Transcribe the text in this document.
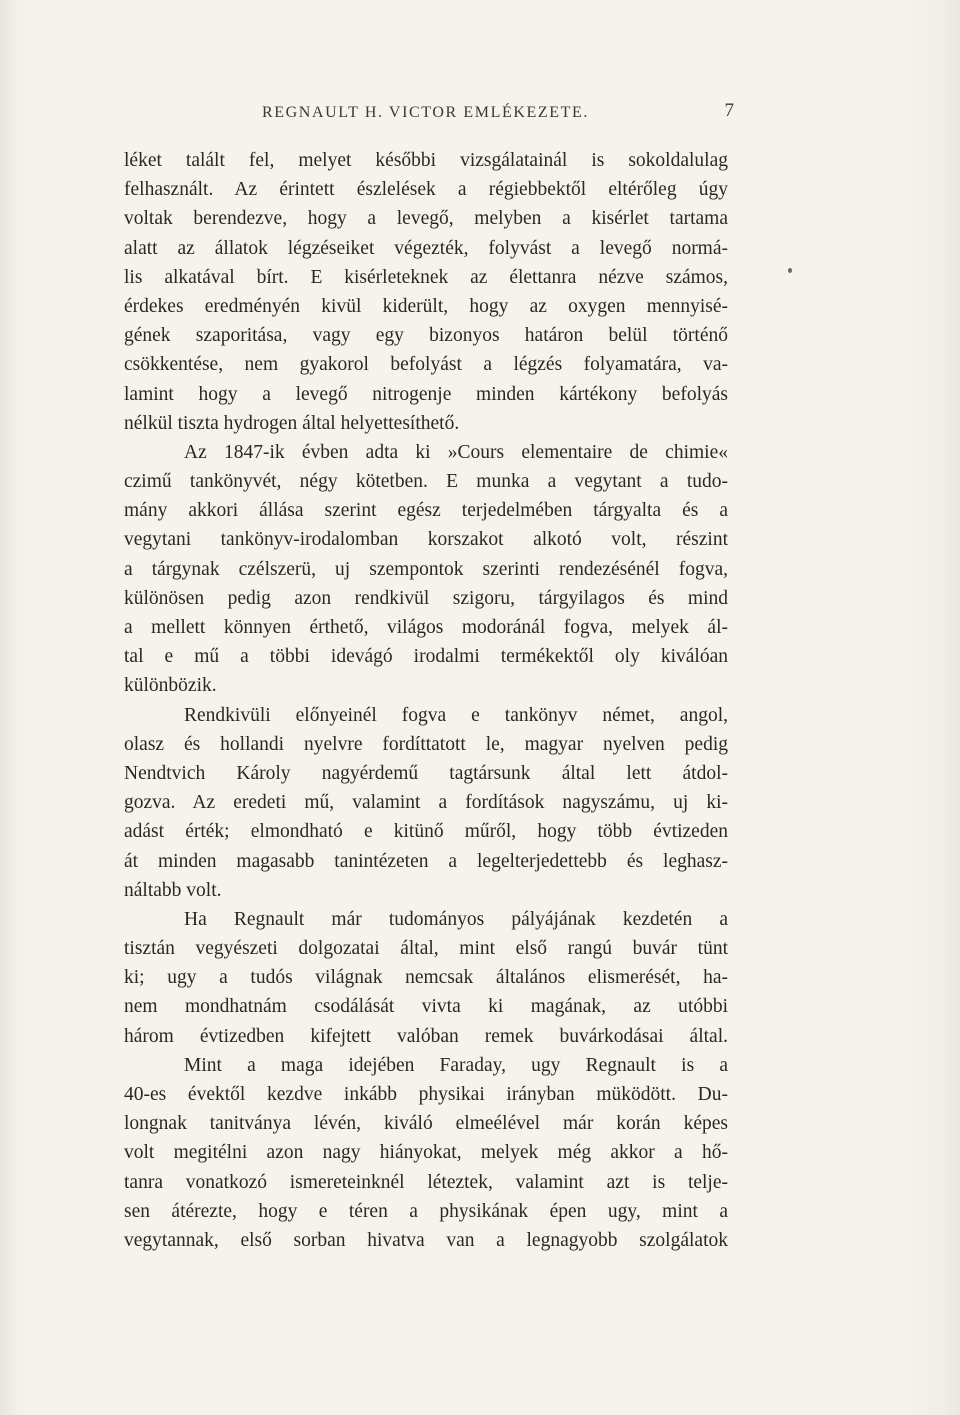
REGNAULT H. VICTOR EMLÉKEZETE.	7
léket talált fel, melyet későbbi vizsgálatainál is sokoldalulag
felhasznált. Az érintett észlelések a régiebbektől eltérőleg úgy
voltak berendezve, hogy a levegő, melyben a kisérlet tartama
alatt az állatok légzéseiket végezték, folyvást a levegő normá-
lis alkatával bírt. E kisérleteknek az élettanra nézve számos,
érdekes eredményén kivül kiderült, hogy az oxygen mennyisé-
gének szaporitása, vagy egy bizonyos határon belül történő
csökkentése, nem gyakorol befolyást a légzés folyamatára, va-
lamint hogy a levegő nitrogenje minden kártékony befolyás
nélkül tiszta hydrogen által helyettesíthető.
Az 1847-ik évben adta ki »Cours elementaire de chimie«
czimű tankönyvét, négy kötetben. E munka a vegytant a tudo-
mány akkori állása szerint egész terjedelmében tárgyalta és a
vegytani tankönyv-irodalomban korszakot alkotó volt, részint
a tárgynak czélszerü, uj szempontok szerinti rendezésénél fogva,
különösen pedig azon rendkivül szigoru, tárgyilagos és mind
a mellett könnyen érthető, világos modoránál fogva, melyek ál-
tal e mű a többi idevágó irodalmi termékektől oly kiválóan
különbözik.
Rendkivüli előnyeinél fogva e tankönyv német, angol,
olasz és hollandi nyelvre fordíttatott le, magyar nyelven pedig
Nendtvich Károly nagyérdemű tagtársunk által lett átdol-
gozva. Az eredeti mű, valamint a fordítások nagyszámu, uj ki-
adást érték; elmondható e kitünő műről, hogy több évtizeden
át minden magasabb tanintézeten a legelterjedettebb és leghasz-
náltabb volt.
Ha Regnault már tudományos pályájának kezdetén a
tisztán vegyészeti dolgozatai által, mint első rangú buvár tünt
ki; ugy a tudós világnak nemcsak általános elismerését, ha-
nem mondhatnám csodálását vivta ki magának, az utóbbi
három évtizedben kifejtett valóban remek buvárkodásai által.
Mint a maga idejében Faraday, ugy Regnault is a
40-es évektől kezdve inkább physikai irányban müködött. Du-
longnak tanitványa lévén, kiváló elmeélével már korán képes
volt megitélni azon nagy hiányokat, melyek még akkor a hő-
tanra vonatkozó ismereteinknél léteztek, valamint azt is telje-
sen átérezte, hogy e téren a physikának épen ugy, mint a
vegytannak, első sorban hivatva van a legnagyobb szolgálatok
